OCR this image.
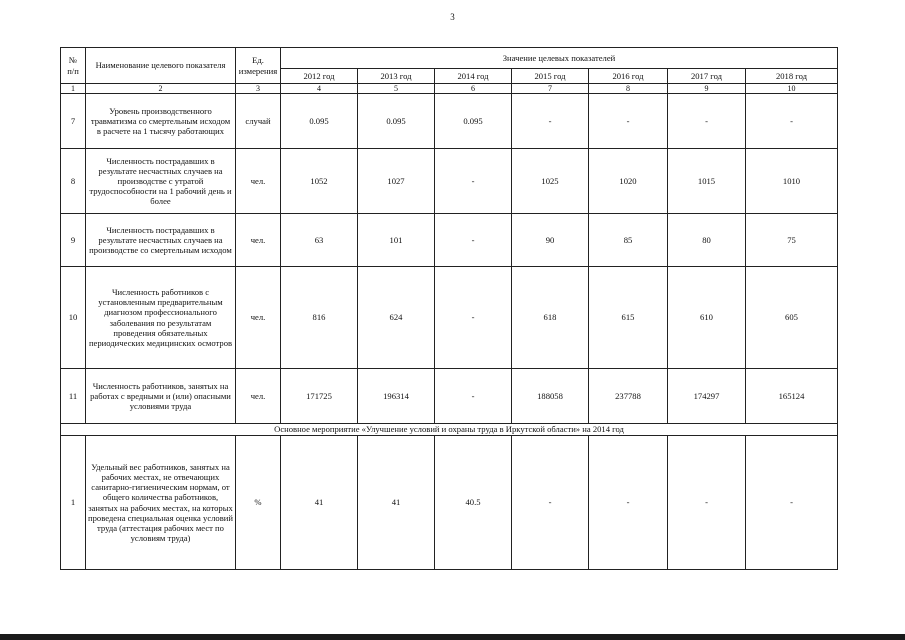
3
№
п/п	Наименование целевого показателя	Ед. измерения	Значение целевых показателей						
			2012 год	2013 год	2014 год	2015 год	2016 год	2017 год	2018 год
1	2	3	4	5	6	7	8	9	10
7	Уровень производственного травматизма со смертельным исходом в расчете на 1 тысячу работающих	случай	0.095	0.095	0.095	-	-	-	-
8	Численность пострадавших в результате несчастных случаев на производстве с утратой трудоспособности на 1 рабочий день и более	чел.	1052	1027	-	1025	1020	1015	1010
9	Численность пострадавших в результате несчастных случаев на производстве со смертельным исходом	чел.	63	101	-	90	85	80	75
10	Численность работников с установленным предварительным диагнозом профессионального заболевания по результатам проведения обязательных периодических медицинских осмотров	чел.	816	624	-	618	615	610	605
11	Численность работников, занятых на работах с вредными и (или) опасными условиями труда	чел.	171725	196314	-	188058	237788	174297	165124
Основное мероприятие «Улучшение условий и охраны труда в Иркутской области» на 2014 год									
1	Удельный вес работников, занятых на рабочих местах, не отвечающих санитарно-гигиеническим нормам, от общего количества работников, занятых на рабочих местах, на которых проведена специальная оценка условий труда (аттестация рабочих мест по условиям труда)	%	41	41	40.5	-	-	-	-
